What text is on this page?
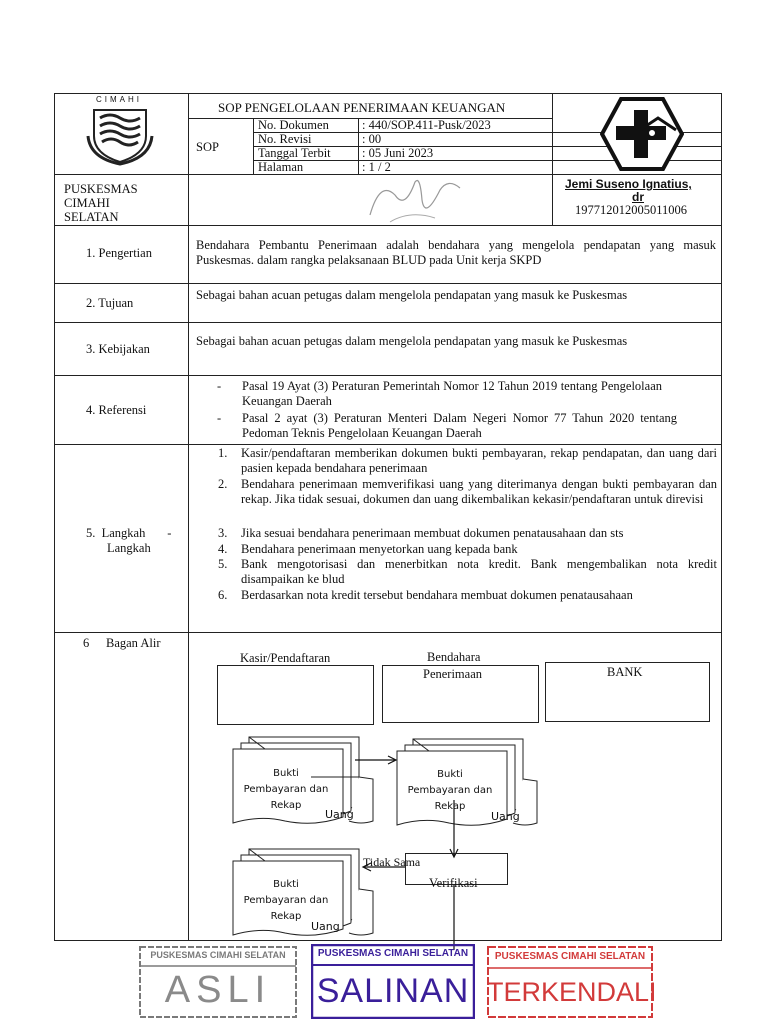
CIMAHI
SOP PENGELOLAAN PENERIMAAN KEUANGAN
SOP
No. Dokumen	: 440/SOP.411-Pusk/2023
No. Revisi	: 00
Tanggal Terbit	: 05 Juni 2023
Halaman	: 1 / 2
PUSKESMAS
CIMAHI
SELATAN
Jemi Suseno Ignatius,
dr
197712012005011006
1. Pengertian
Bendahara Pembantu Penerimaan adalah bendahara yang mengelola pendapatan yang masuk Puskesmas. dalam rangka pelaksanaan BLUD pada Unit kerja SKPD
2. Tujuan
Sebagai bahan acuan petugas dalam mengelola pendapatan yang masuk ke Puskesmas
3. Kebijakan
Sebagai bahan acuan petugas dalam mengelola pendapatan yang masuk ke Puskesmas
4. Referensi
- Pasal 19 Ayat (3) Peraturan Pemerintah Nomor 12 Tahun 2019 tentang Pengelolaan Keuangan Daerah
- Pasal 2 ayat (3) Peraturan Menteri Dalam Negeri Nomor 77 Tahun 2020 tentang Pedoman Teknis Pengelolaan Keuangan Daerah
5.  Langkah       -
Langkah
1. Kasir/pendaftaran memberikan dokumen bukti pembayaran, rekap pendapatan, dan uang dari pasien kepada bendahara penerimaan
2. Bendahara penerimaan memverifikasi uang yang diterimanya dengan bukti pembayaran dan rekap. Jika tidak sesuai, dokumen dan uang dikembalikan kekasir/pendaftaran untuk direvisi
3. Jika sesuai bendahara penerimaan membuat dokumen penatausahaan dan sts
4. Bendahara penerimaan menyetorkan uang kepada bank
5. Bank mengotorisasi dan menerbitkan nota kredit. Bank mengembalikan nota kredit disampaikan ke blud
6. Berdasarkan nota kredit tersebut bendahara membuat dokumen penatausahaan
6 Bagan Alir
Kasir/Pendaftaran	Bendahara
Penerimaan	BANK
Bukti
Pembayaran dan
Rekap
Uang
Bukti
Pembayaran dan
Rekap
Uang
Bukti
Pembayaran dan
Rekap
Uang
Verifikasi
Tidak Sama
PUSKESMAS CIMAHI SELATAN
ASLI
PUSKESMAS CIMAHI SELATAN
SALINAN
PUSKESMAS CIMAHI SELATAN
TERKENDALI
